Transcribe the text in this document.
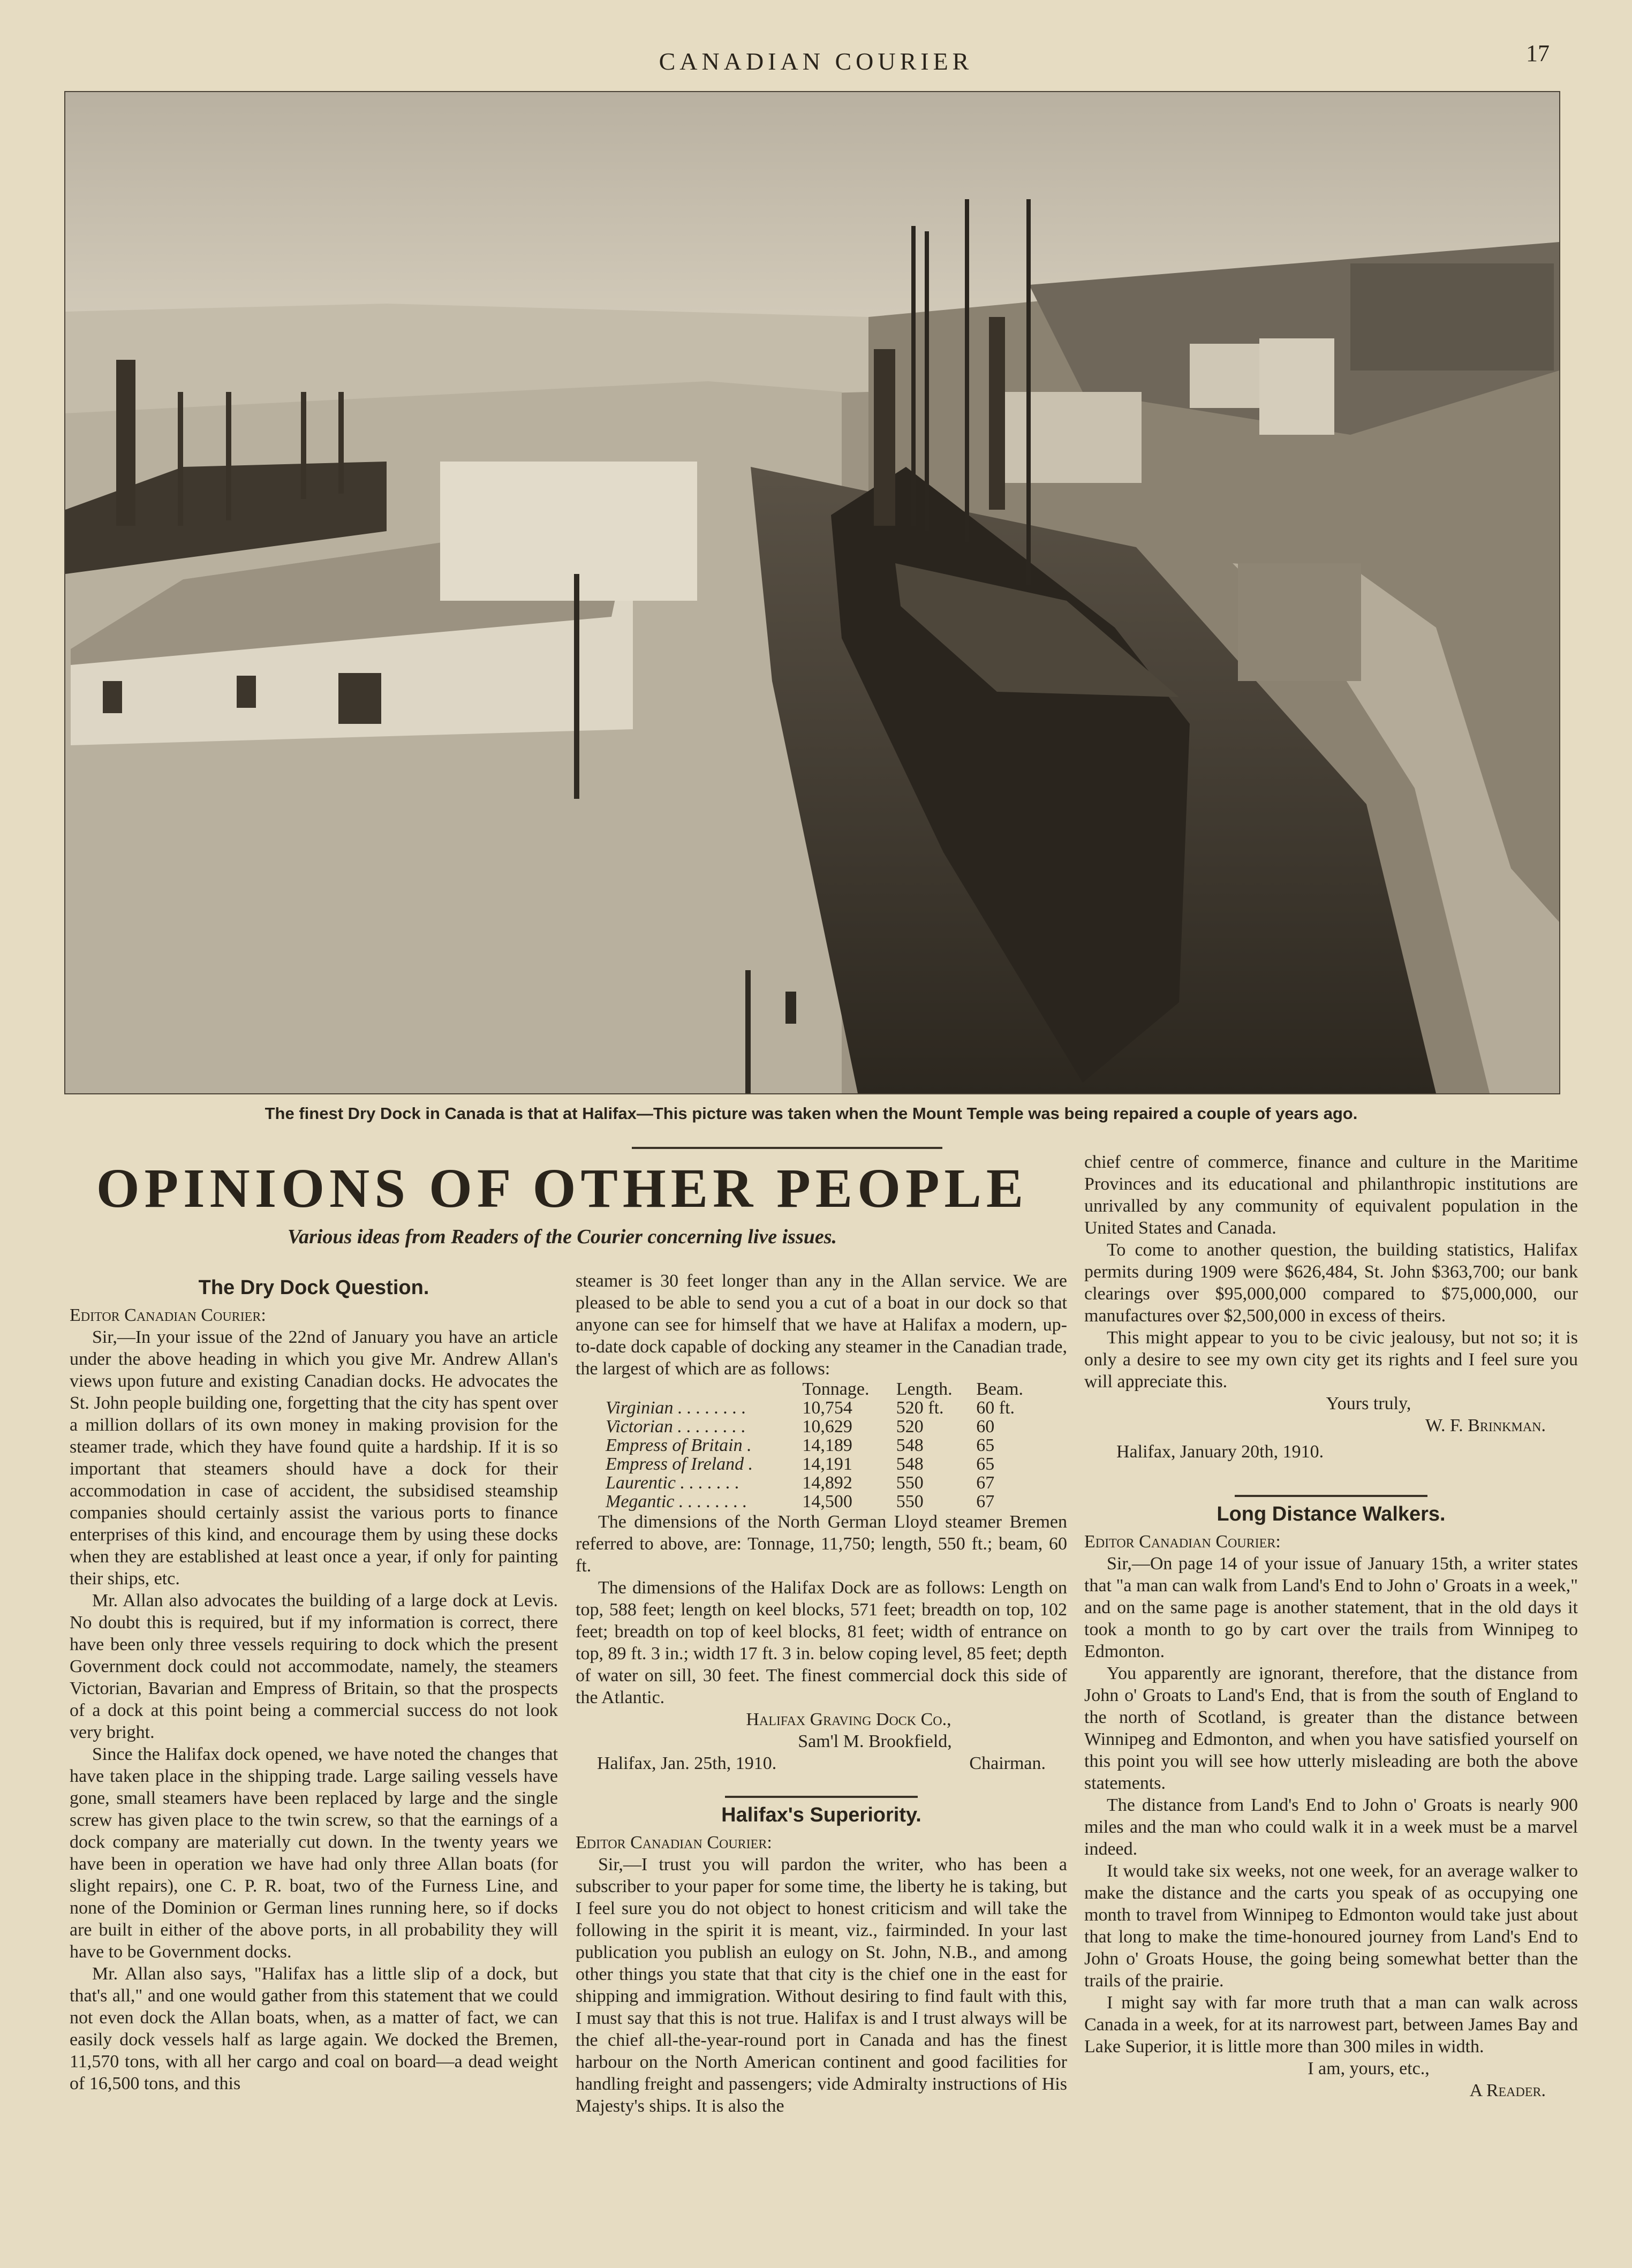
CANADIAN COURIER	17
The finest Dry Dock in Canada is that at Halifax—This picture was taken when the Mount Temple was being repaired a couple of years ago.
OPINIONS OF OTHER PEOPLE
Various ideas from Readers of the Courier concerning live issues.
The Dry Dock Question.

Editor Canadian Courier:

Sir,—In your issue of the 22nd of January you have an article under the above heading in which you give Mr. Andrew Allan's views upon future and existing Canadian docks. He advocates the St. John people building one, forgetting that the city has spent over a million dollars of its own money in making provision for the steamer trade, which they have found quite a hardship. If it is so important that steamers should have a dock for their accommodation in case of accident, the subsidised steamship companies should certainly assist the various ports to finance enterprises of this kind, and encourage them by using these docks when they are established at least once a year, if only for painting their ships, etc.

Mr. Allan also advocates the building of a large dock at Levis. No doubt this is required, but if my information is correct, there have been only three vessels requiring to dock which the present Government dock could not accommodate, namely, the steamers Victorian, Bavarian and Empress of Britain, so that the prospects of a dock at this point being a commercial success do not look very bright.

Since the Halifax dock opened, we have noted the changes that have taken place in the shipping trade. Large sailing vessels have gone, small steamers have been replaced by large and the single screw has given place to the twin screw, so that the earnings of a dock company are materially cut down. In the twenty years we have been in operation we have had only three Allan boats (for slight repairs), one C. P. R. boat, two of the Furness Line, and none of the Dominion or German lines running here, so if docks are built in either of the above ports, in all probability they will have to be Government docks.

Mr. Allan also says, "Halifax has a little slip of a dock, but that's all," and one would gather from this statement that we could not even dock the Allan boats, when, as a matter of fact, we can easily dock vessels half as large again. We docked the Bremen, 11,570 tons, with all her cargo and coal on board—a dead weight of 16,500 tons, and this

steamer is 30 feet longer than any in the Allan service. We are pleased to be able to send you a cut of a boat in our dock so that anyone can see for himself that we have at Halifax a modern, up-to-date dock capable of docking any steamer in the Canadian trade, the largest of which are as follows:

	Tonnage.	Length.	Beam.
Virginian . . . . . . . .	10,754	520 ft.	60 ft.
Victorian . . . . . . . .	10,629	520	60
Empress of Britain .	14,189	548	65
Empress of Ireland .	14,191	548	65
Laurentic . . . . . . .	14,892	550	67
Megantic . . . . . . . .	14,500	550	67

The dimensions of the North German Lloyd steamer Bremen referred to above, are: Tonnage, 11,750; length, 550 ft.; beam, 60 ft.

The dimensions of the Halifax Dock are as follows: Length on top, 588 feet; length on keel blocks, 571 feet; breadth on top, 102 feet; breadth on top of keel blocks, 81 feet; width of entrance on top, 89 ft. 3 in.; width 17 ft. 3 in. below coping level, 85 feet; depth of water on sill, 30 feet. The finest commercial dock this side of the Atlantic.

Halifax Graving Dock Co.,

Sam'l M. Brookfield,

Halifax, Jan. 25th, 1910.	Chairman.

Halifax's Superiority.

Editor Canadian Courier:

Sir,—I trust you will pardon the writer, who has been a subscriber to your paper for some time, the liberty he is taking, but I feel sure you do not object to honest criticism and will take the following in the spirit it is meant, viz., fairminded. In your last publication you publish an eulogy on St. John, N.B., and among other things you state that that city is the chief one in the east for shipping and immigration. Without desiring to find fault with this, I must say that this is not true. Halifax is and I trust always will be the chief all-the-year-round port in Canada and has the finest harbour on the North American continent and good facilities for handling freight and passengers; vide Admiralty instructions of His Majesty's ships. It is also the

chief centre of commerce, finance and culture in the Maritime Provinces and its educational and philanthropic institutions are unrivalled by any community of equivalent population in the United States and Canada.

To come to another question, the building statistics, Halifax permits during 1909 were $626,484, St. John $363,700; our bank clearings over $95,000,000 compared to $75,000,000, our manufactures over $2,500,000 in excess of theirs.

This might appear to you to be civic jealousy, but not so; it is only a desire to see my own city get its rights and I feel sure you will appreciate this.

Yours truly,

W. F. Brinkman.

Halifax, January 20th, 1910.

Long Distance Walkers.

Editor Canadian Courier:

Sir,—On page 14 of your issue of January 15th, a writer states that "a man can walk from Land's End to John o' Groats in a week," and on the same page is another statement, that in the old days it took a month to go by cart over the trails from Winnipeg to Edmonton.

You apparently are ignorant, therefore, that the distance from John o' Groats to Land's End, that is from the south of England to the north of Scotland, is greater than the distance between Winnipeg and Edmonton, and when you have satisfied yourself on this point you will see how utterly misleading are both the above statements.

The distance from Land's End to John o' Groats is nearly 900 miles and the man who could walk it in a week must be a marvel indeed.

It would take six weeks, not one week, for an average walker to make the distance and the carts you speak of as occupying one month to travel from Winnipeg to Edmonton would take just about that long to make the time-honoured journey from Land's End to John o' Groats House, the going being somewhat better than the trails of the prairie.

I might say with far more truth that a man can walk across Canada in a week, for at its narrowest part, between James Bay and Lake Superior, it is little more than 300 miles in width.

I am, yours, etc.,

A Reader.
